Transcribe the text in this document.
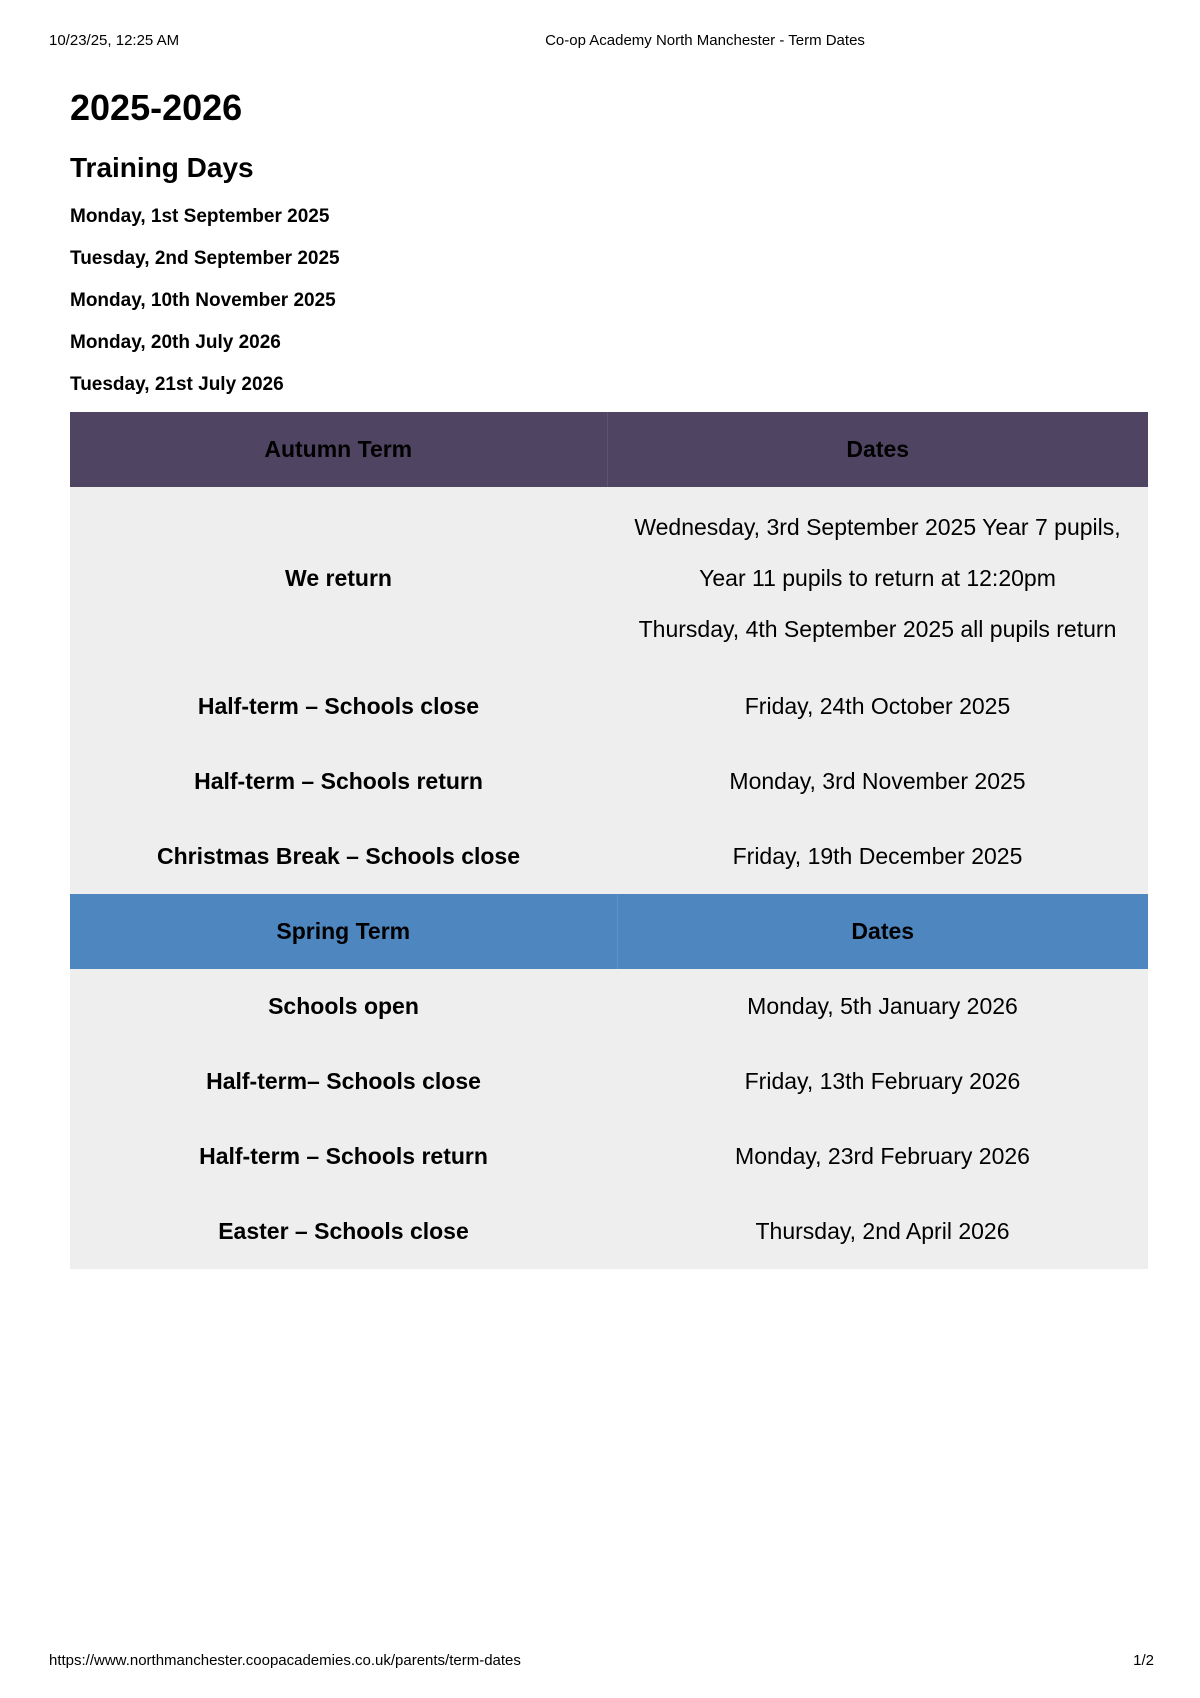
10/23/25, 12:25 AM	Co-op Academy North Manchester - Term Dates
2025-2026
Training Days
Monday, 1st September 2025
Tuesday, 2nd September 2025
Monday, 10th November 2025
Monday, 20th July 2026
Tuesday, 21st July 2026
Autumn Term	Dates
We return	Wednesday, 3rd September 2025 Year 7 pupils,
Year 11 pupils to return at 12:20pm
Thursday, 4th September 2025 all pupils return

Half-term – Schools close	Friday, 24th October 2025
Half-term – Schools return	Monday, 3rd November 2025
Christmas Break – Schools close	Friday, 19th December 2025
Spring Term	Dates
Schools open	Monday, 5th January 2026
Half-term– Schools close	Friday, 13th February 2026
Half-term – Schools return	Monday, 23rd February 2026
Easter – Schools close	Thursday, 2nd April 2026
https://www.northmanchester.coopacademies.co.uk/parents/term-dates	1/2
